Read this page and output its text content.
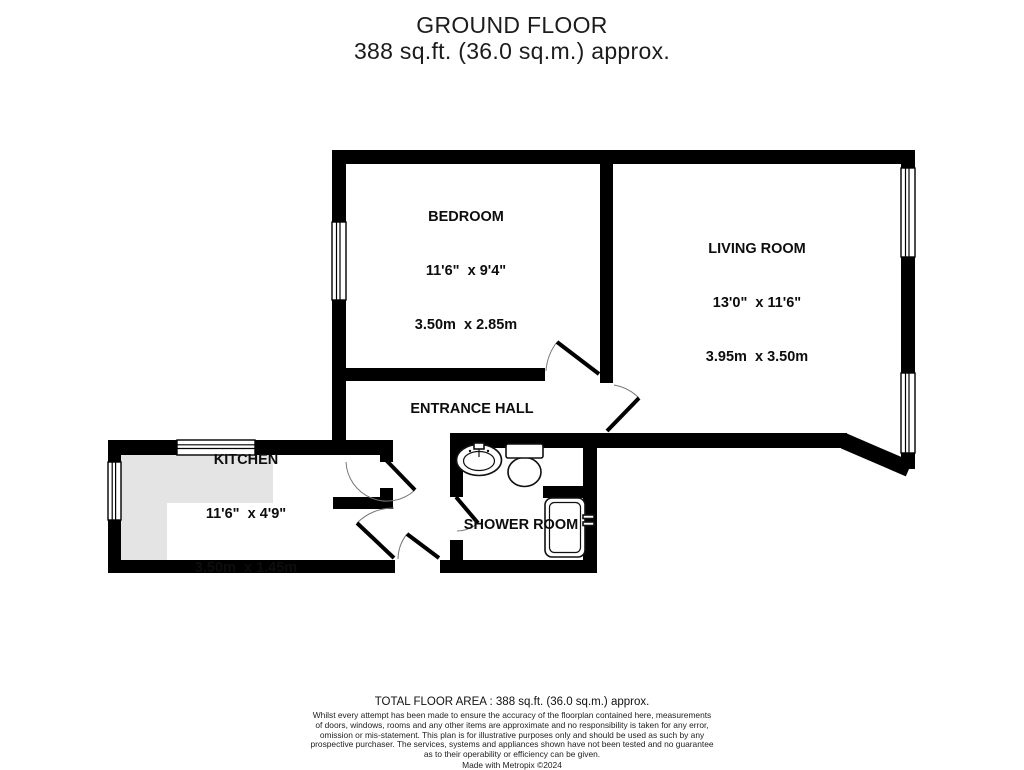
GROUND FLOOR
388 sq.ft. (36.0 sq.m.) approx.

BEDROOM

11'6"  x 9'4"

3.50m  x 2.85m

LIVING ROOM

13'0"  x 11'6"

3.95m  x 3.50m

KITCHEN

11'6"  x 4'9"

3.50m  x 1.45m

ENTRANCE HALL

SHOWER ROOM

TOTAL FLOOR AREA : 388 sq.ft. (36.0 sq.m.) approx.
Whilst every attempt has been made to ensure the accuracy of the floorplan contained here, measurements
of doors, windows, rooms and any other items are approximate and no responsibility is taken for any error,
omission or mis-statement. This plan is for illustrative purposes only and should be used as such by any
prospective purchaser. The services, systems and appliances shown have not been tested and no guarantee
as to their operability or efficiency can be given.
Made with Metropix ©2024
